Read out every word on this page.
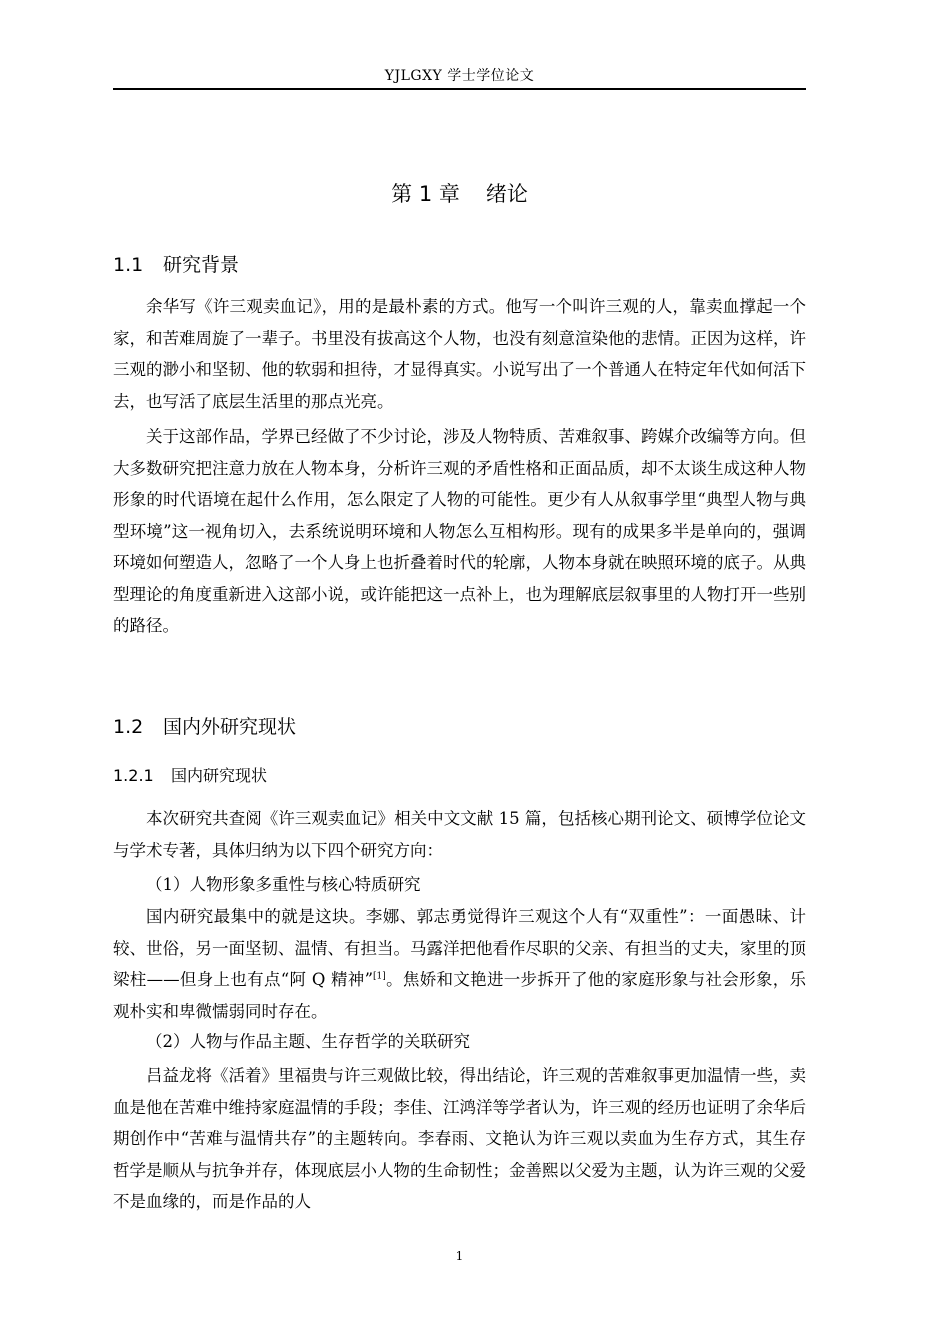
YJLGXY 学士学位论文
第 1 章 绪论
1.1 研究背景

余华写《许三观卖血记》，用的是最朴素的方式。他写一个叫许三观的人，靠卖血撑起一个家，和苦难周旋了一辈子。书里没有拔高这个人物，也没有刻意渲染他的悲情。正因为这样，许三观的渺小和坚韧、他的软弱和担待，才显得真实。小说写出了一个普通人在特定年代如何活下去，也写活了底层生活里的那点光亮。

关于这部作品，学界已经做了不少讨论，涉及人物特质、苦难叙事、跨媒介改编等方向。但大多数研究把注意力放在人物本身，分析许三观的矛盾性格和正面品质，却不太谈生成这种人物形象的时代语境在起什么作用，怎么限定了人物的可能性。更少有人从叙事学里“典型人物与典型环境”这一视角切入，去系统说明环境和人物怎么互相构形。现有的成果多半是单向的，强调环境如何塑造人，忽略了一个人身上也折叠着时代的轮廓，人物本身就在映照环境的底子。从典型理论的角度重新进入这部小说，或许能把这一点补上，也为理解底层叙事里的人物打开一些别的路径。

1.2 国内外研究现状
1.2.1 国内研究现状

本次研究共查阅《许三观卖血记》相关中文文献 15 篇，包括核心期刊论文、硕博学位论文与学术专著，具体归纳为以下四个研究方向：

（1）人物形象多重性与核心特质研究

国内研究最集中的就是这块。李娜、郭志勇觉得许三观这个人有“双重性”：一面愚昧、计较、世俗，另一面坚韧、温情、有担当。马露洋把他看作尽职的父亲、有担当的丈夫，家里的顶梁柱——但身上也有点“阿 Q 精神”[1]。焦娇和文艳进一步拆开了他的家庭形象与社会形象，乐观朴实和卑微懦弱同时存在。

（2）人物与作品主题、生存哲学的关联研究

吕益龙将《活着》里福贵与许三观做比较，得出结论，许三观的苦难叙事更加温情一些，卖血是他在苦难中维持家庭温情的手段；李佳、江鸿洋等学者认为，许三观的经历也证明了余华后期创作中“苦难与温情共存”的主题转向。李春雨、文艳认为许三观以卖血为生存方式，其生存哲学是顺从与抗争并存，体现底层小人物的生命韧性；金善熙以父爱为主题，认为许三观的父爱不是血缘的，而是作品的人

1
